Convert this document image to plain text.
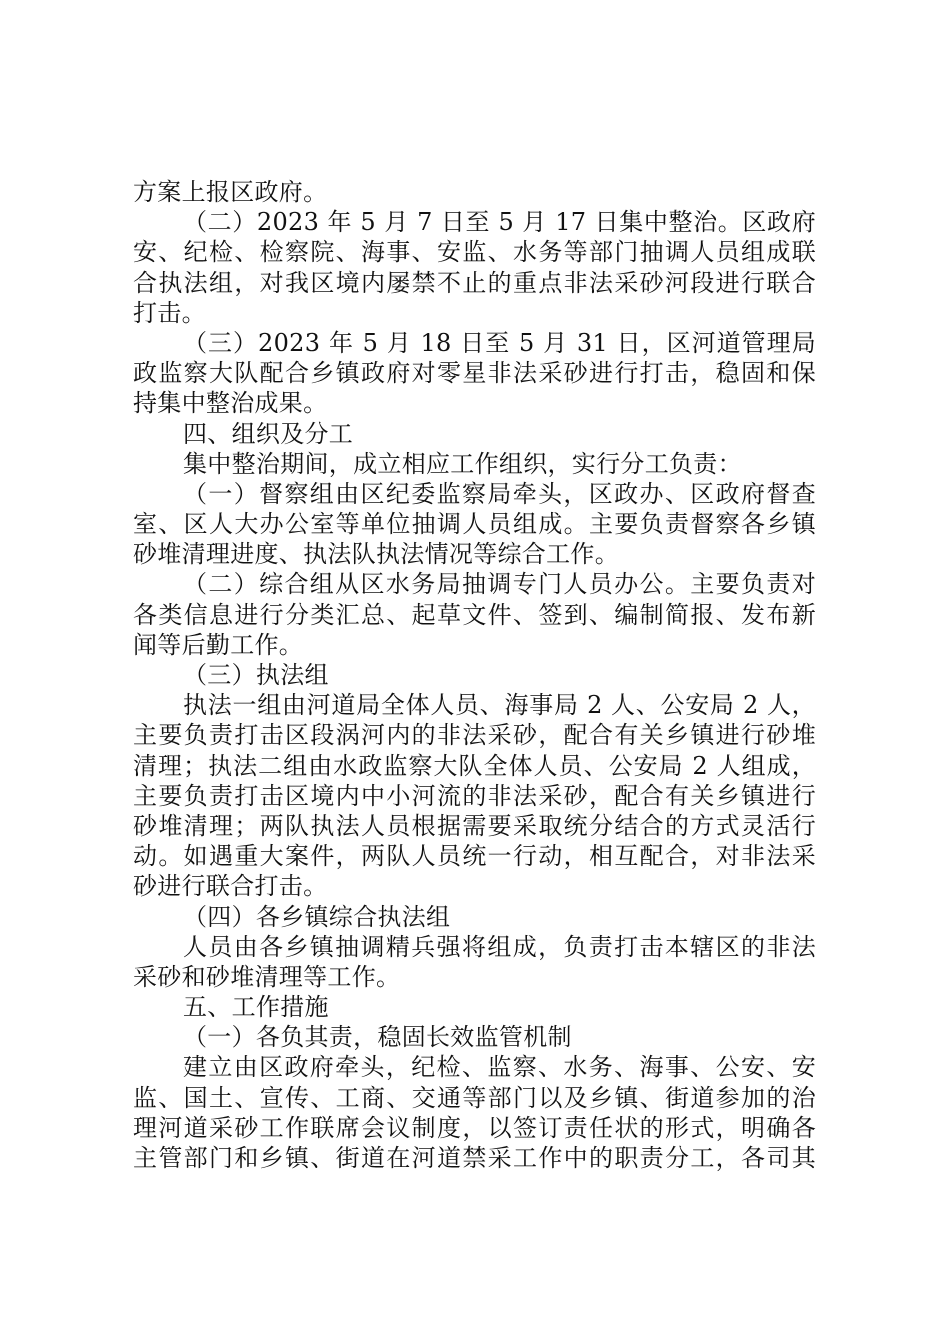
方案上报区政府。
（二）2023 年 5 月 7 日至 5 月 17 日集中整治。区政府
安、纪检、检察院、海事、安监、水务等部门抽调人员组成联
合执法组，对我区境内屡禁不止的重点非法采砂河段进行联合
打击。
（三）2023 年 5 月 18 日至 5 月 31 日，区河道管理局
政监察大队配合乡镇政府对零星非法采砂进行打击，稳固和保
持集中整治成果。
四、组织及分工
集中整治期间，成立相应工作组织，实行分工负责：
（一）督察组由区纪委监察局牵头，区政办、区政府督查
室、区人大办公室等单位抽调人员组成。主要负责督察各乡镇
砂堆清理进度、执法队执法情况等综合工作。
（二）综合组从区水务局抽调专门人员办公。主要负责对
各类信息进行分类汇总、起草文件、签到、编制简报、发布新
闻等后勤工作。
（三）执法组
执法一组由河道局全体人员、海事局 2 人、公安局 2 人，
主要负责打击区段涡河内的非法采砂，配合有关乡镇进行砂堆
清理；执法二组由水政监察大队全体人员、公安局 2 人组成，
主要负责打击区境内中小河流的非法采砂，配合有关乡镇进行
砂堆清理；两队执法人员根据需要采取统分结合的方式灵活行
动。如遇重大案件，两队人员统一行动，相互配合，对非法采
砂进行联合打击。
（四）各乡镇综合执法组
人员由各乡镇抽调精兵强将组成，负责打击本辖区的非法
采砂和砂堆清理等工作。
五、工作措施
（一）各负其责，稳固长效监管机制
建立由区政府牵头，纪检、监察、水务、海事、公安、安
监、国土、宣传、工商、交通等部门以及乡镇、街道参加的治
理河道采砂工作联席会议制度，以签订责任状的形式，明确各
主管部门和乡镇、街道在河道禁采工作中的职责分工，各司其
